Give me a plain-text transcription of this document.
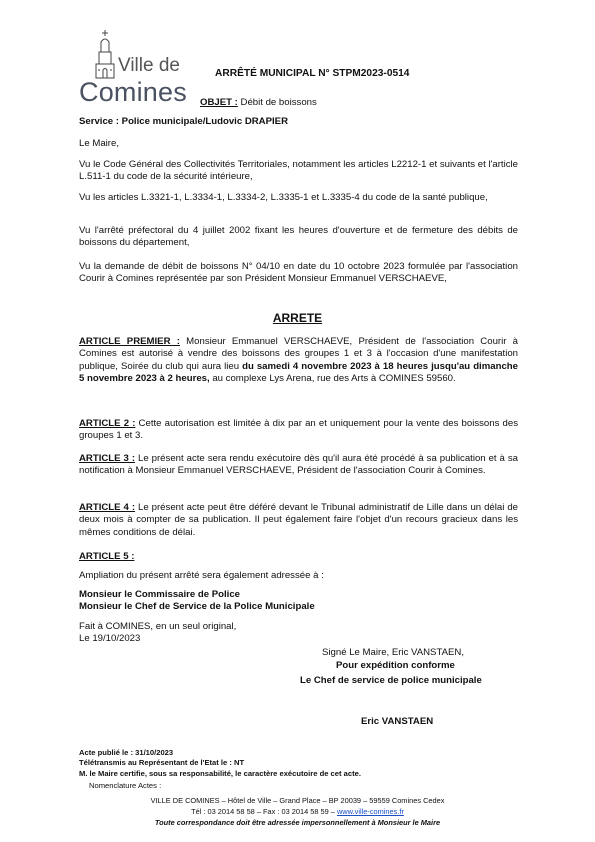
Ville de
Comines
ARRÊTÉ MUNICIPAL N° STPM2023-0514
OBJET : Débit de boissons

Service : Police municipale/Ludovic DRAPIER

Le Maire,

Vu le Code Général des Collectivités Territoriales, notamment les articles L2212-1 et suivants et l'article L.511-1 du code de la sécurité intérieure,

Vu les articles L.3321-1, L.3334-1, L.3334-2, L.3335-1 et L.3335-4 du code de la santé publique,

Vu l'arrêté préfectoral du 4 juillet 2002 fixant les heures d'ouverture et de fermeture des débits de boissons du département,

Vu la demande de débit de boissons N° 04/10 en date du 10 octobre 2023 formulée par l'association Courir à Comines représentée par son Président Monsieur Emmanuel VERSCHAEVE,

ARRETE

ARTICLE PREMIER : Monsieur Emmanuel VERSCHAEVE, Président de l'association Courir à Comines est autorisé à vendre des boissons des groupes 1 et 3 à l'occasion d'une manifestation publique, Soirée du club qui aura lieu du samedi 4 novembre 2023 à 18 heures jusqu'au dimanche 5 novembre 2023 à 2 heures, au complexe Lys Arena, rue des Arts à COMINES 59560.

ARTICLE 2 : Cette autorisation est limitée à dix par an et uniquement pour la vente des boissons des groupes 1 et 3.

ARTICLE 3 : Le présent acte sera rendu exécutoire dès qu'il aura été procédé à sa publication et à sa notification à Monsieur Emmanuel VERSCHAEVE, Président de l'association Courir à Comines.

ARTICLE 4 : Le présent acte peut être déféré devant le Tribunal administratif de Lille dans un délai de deux mois à compter de sa publication. Il peut également faire l'objet d'un recours gracieux dans les mêmes conditions de délai.

ARTICLE 5 :

Ampliation du présent arrêté sera également adressée à :

Monsieur le Commissaire de Police

Monsieur le Chef de Service de la Police Municipale

Fait à COMINES, en un seul original,

Le 19/10/2023

Signé Le Maire, Eric VANSTAEN,
Pour expédition conforme
Le Chef de service de police municipale
Eric VANSTAEN
Acte publié le : 31/10/2023
Télétransmis au Représentant de l'Etat le : NT
M. le Maire certifie, sous sa responsabilité, le caractère exécutoire de cet acte.
Nomenclature Actes :
VILLE DE COMINES – Hôtel de Ville – Grand Place – BP 20039 – 59559 Comines Cedex
Tél : 03 2014 58 58 – Fax : 03 2014 58 59 – www.ville-comines.fr
Toute correspondance doit être adressée impersonnellement à Monsieur le Maire
